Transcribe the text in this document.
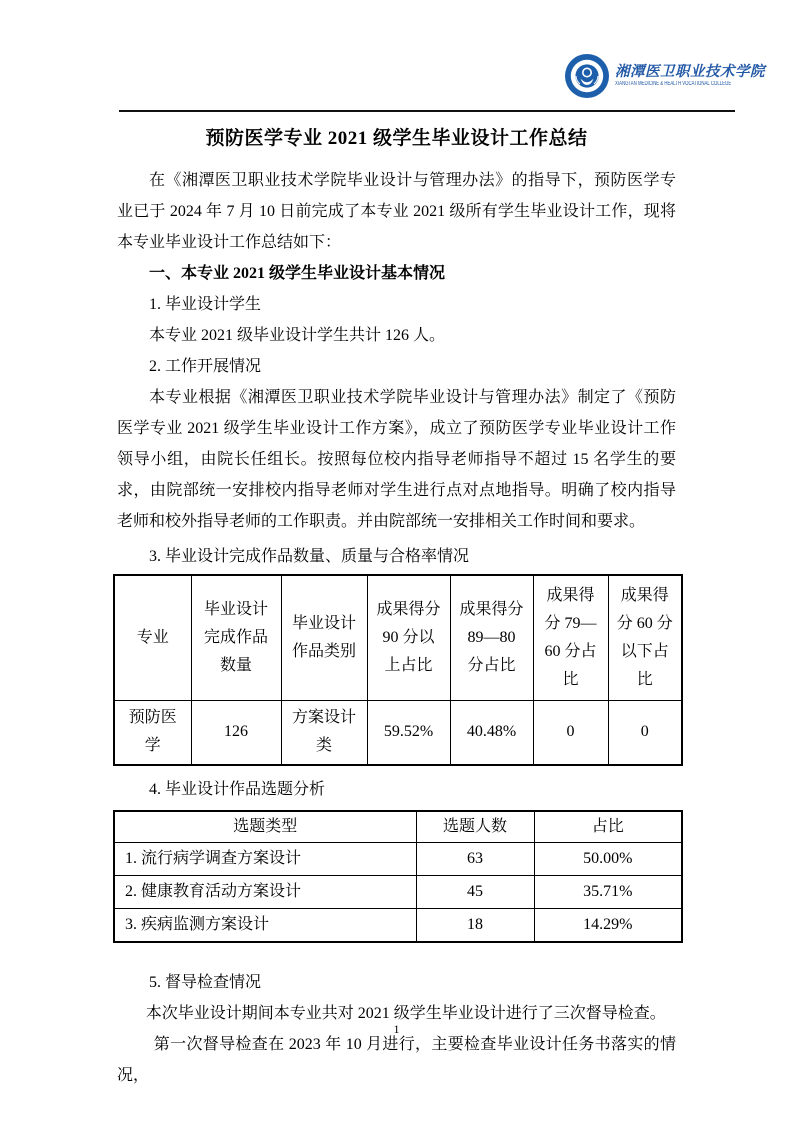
湘潭医卫职业技术学院
XIANGTAN MEDICINE & HEALTH VOCATIONAL COLLEGE
预防医学专业 2021 级学生毕业设计工作总结

在《湘潭医卫职业技术学院毕业设计与管理办法》的指导下，预防医学专业已于 2024 年 7 月 10 日前完成了本专业 2021 级所有学生毕业设计工作，现将本专业毕业设计工作总结如下：

一、本专业 2021 级学生毕业设计基本情况

1. 毕业设计学生

本专业 2021 级毕业设计学生共计 126 人。

2. 工作开展情况

本专业根据《湘潭医卫职业技术学院毕业设计与管理办法》制定了《预防医学专业 2021 级学生毕业设计工作方案》，成立了预防医学专业毕业设计工作领导小组，由院长任组长。按照每位校内指导老师指导不超过 15 名学生的要求，由院部统一安排校内指导老师对学生进行点对点地指导。明确了校内指导老师和校外指导老师的工作职责。并由院部统一安排相关工作时间和要求。

3. 毕业设计完成作品数量、质量与合格率情况

专业	毕业设计完成作品数量	毕业设计作品类别	成果得分 90 分以上占比	成果得分 89—80 分占比	成果得分 79—60 分占比	成果得分 60 分以下占比
预防医学	126	方案设计类	59.52%	40.48%	0	0

4. 毕业设计作品选题分析

选题类型	选题人数	占比
1. 流行病学调查方案设计	63	50.00%
2. 健康教育活动方案设计	45	35.71%
3. 疾病监测方案设计	18	14.29%

5. 督导检查情况

本次毕业设计期间本专业共对 2021 级学生毕业设计进行了三次督导检查。

第一次督导检查在 2023 年 10 月进行，主要检查毕业设计任务书落实的情况，

1
